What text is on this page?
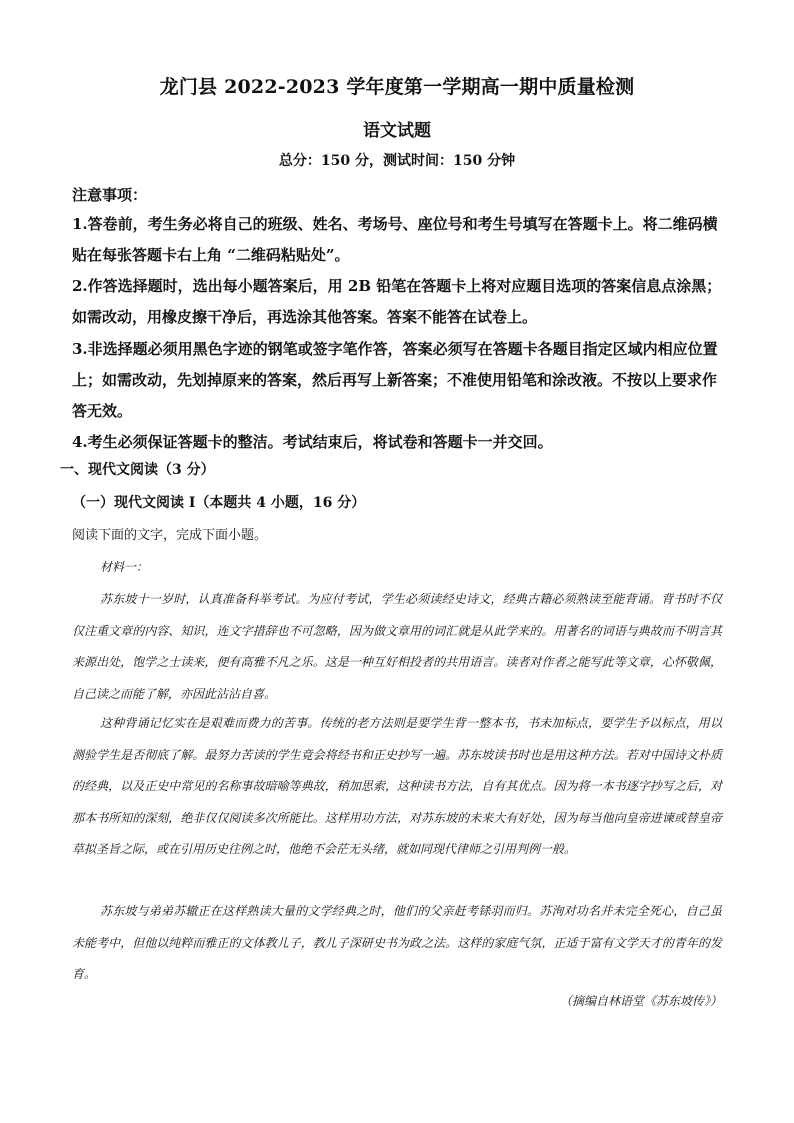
龙门县 2022-2023 学年度第一学期高一期中质量检测
语文试题
总分：150 分，测试时间：150 分钟
注意事项：
1.答卷前，考生务必将自己的班级、姓名、考场号、座位号和考生号填写在答题卡上。将二维码横贴在每张答题卡右上角 “二维码粘贴处”。
2.作答选择题时，选出每小题答案后，用 2B 铅笔在答题卡上将对应题目选项的答案信息点涂黑；如需改动，用橡皮擦干净后，再选涂其他答案。答案不能答在试卷上。
3.非选择题必须用黑色字迹的钢笔或签字笔作答，答案必须写在答题卡各题目指定区域内相应位置上；如需改动，先划掉原来的答案，然后再写上新答案；不准使用铅笔和涂改液。不按以上要求作答无效。
4.考生必须保证答题卡的整洁。考试结束后，将试卷和答题卡一并交回。
一、现代文阅读（3 分）
（一）现代文阅读 I（本题共 4 小题，16 分）
阅读下面的文字，完成下面小题。
材料一：
苏东坡十一岁时，认真准备科举考试。为应付考试，学生必须读经史诗文，经典古籍必须熟读至能背诵。背书时不仅仅注重文章的内容、知识，连文字措辞也不可忽略，因为做文章用的词汇就是从此学来的。用著名的词语与典故而不明言其来源出处，饱学之士读来，便有高雅不凡之乐。这是一种互好相投者的共用语言。读者对作者之能写此等文章，心怀敬佩，自己读之而能了解，亦因此沾沾自喜。
这种背诵记忆实在是艰难而费力的苦事。传统的老方法则是要学生背一整本书，书未加标点，要学生予以标点，用以测验学生是否彻底了解。最努力苦读的学生竟会将经书和正史抄写一遍。苏东坡读书时也是用这种方法。若对中国诗文朴质的经典，以及正史中常见的名称事故暗喻等典故，稍加思索，这种读书方法，自有其优点。因为将一本书逐字抄写之后，对那本书所知的深刻，绝非仅仅阅读多次所能比。这样用功方法，对苏东坡的未来大有好处，因为每当他向皇帝进谏或替皇帝草拟圣旨之际，或在引用历史往例之时，他绝不会茫无头绪，就如同现代律师之引用判例一般。
苏东坡与弟弟苏辙正在这样熟读大量的文学经典之时，他们的父亲赶考铩羽而归。苏洵对功名并未完全死心，自己虽未能考中，但他以纯粹而雅正的文体教儿子，教儿子深研史书为政之法。这样的家庭气氛，正适于富有文学天才的青年的发育。
（摘编自林语堂《苏东坡传》）
